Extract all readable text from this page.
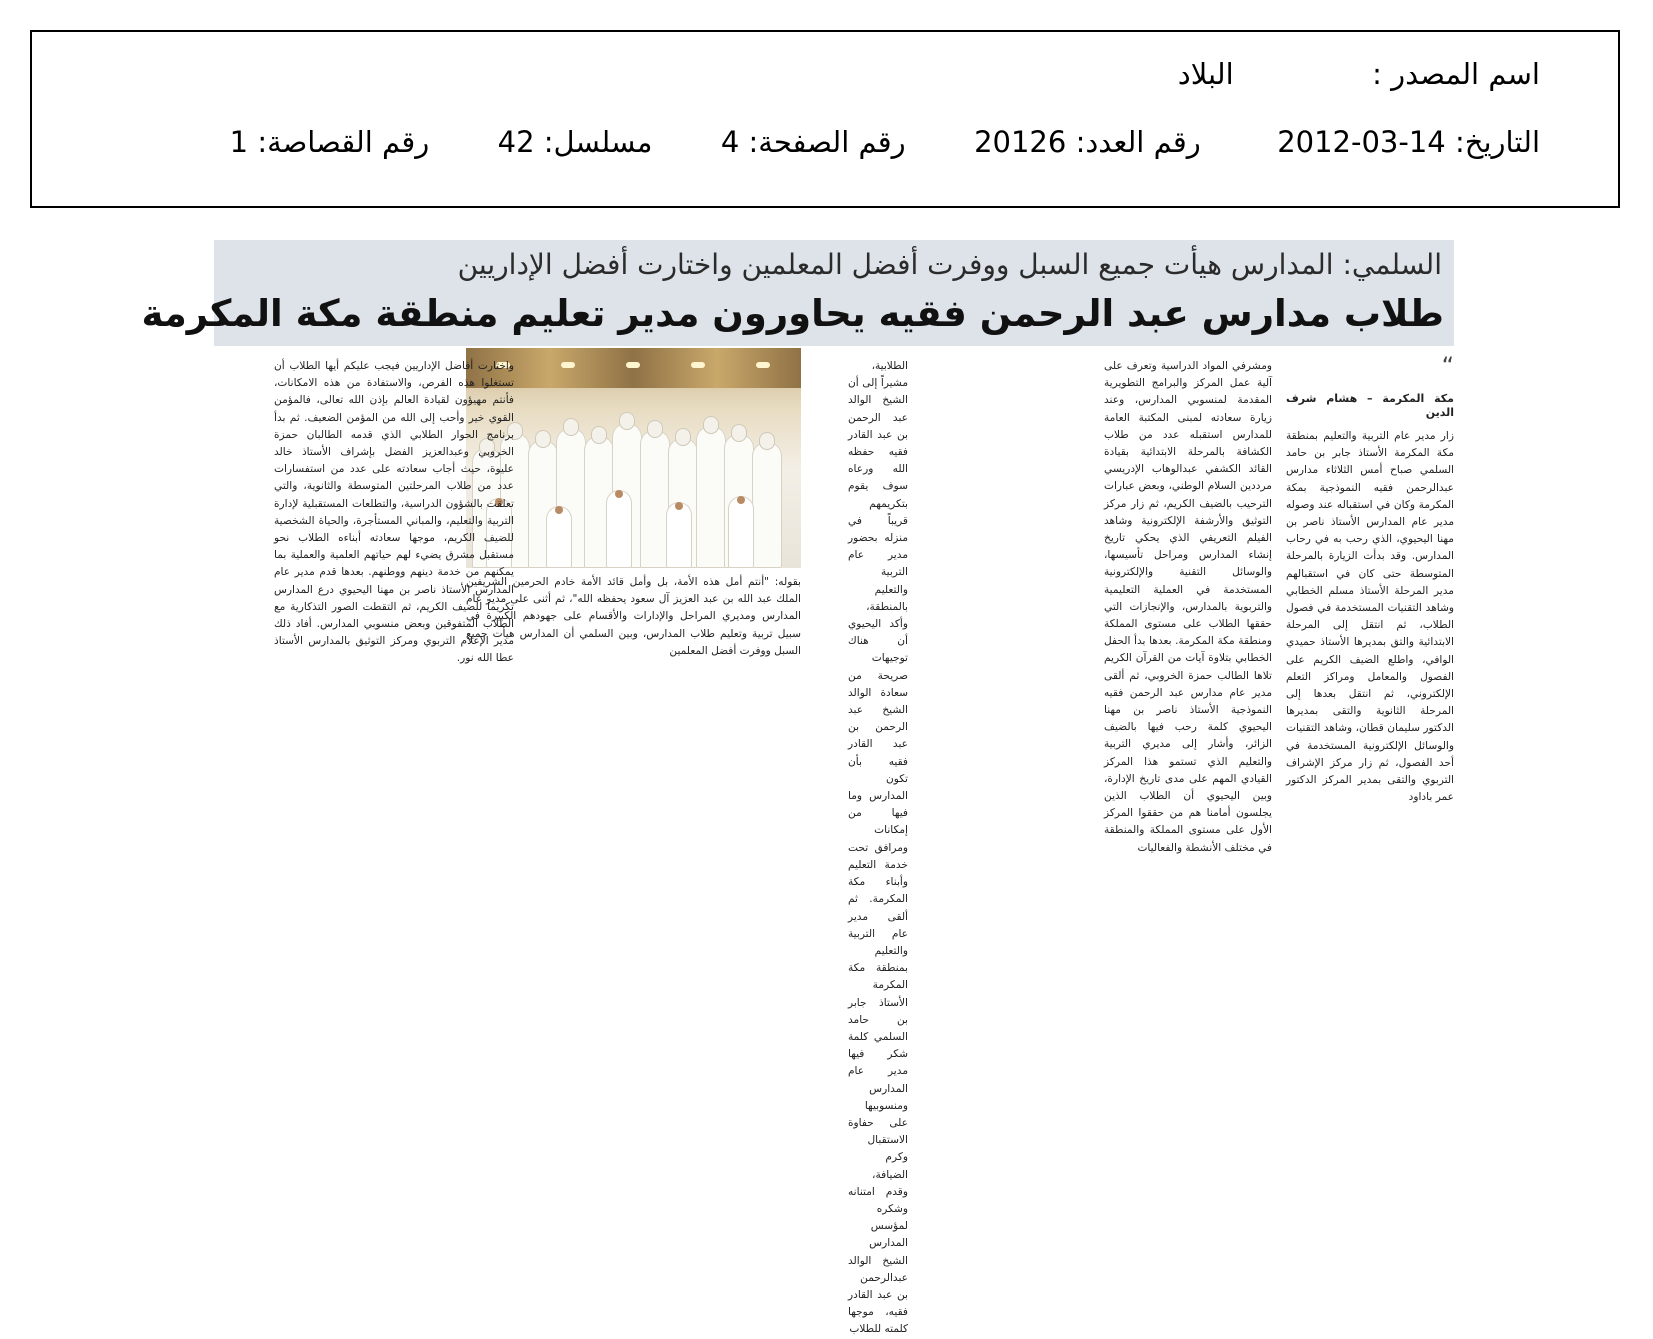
اسم المصدر :  البلاد
التاريخ: 2012-03-14  رقم العدد: 20126  رقم الصفحة: 4  مسلسل: 42  رقم القصاصة: 1
السلمي: المدارس هيأت جميع السبل ووفرت أفضل المعلمين واختارت أفضل الإداريين
طلاب مدارس عبد الرحمن فقيه يحاورون مدير تعليم منطقة مكة المكرمة
“
مكة المكرمة – هشام شرف الدين

زار مدير عام التربية والتعليم بمنطقة مكة المكرمة الأستاذ جابر بن حامد السلمي صباح أمس الثلاثاء مدارس عبدالرحمن فقيه النموذجية بمكة المكرمة وكان في استقباله عند وصوله مدير عام المدارس الأستاذ ناصر بن مهنا اليحيوي، الذي رحب به في رحاب المدارس. وقد بدأت الزيارة بالمرحلة المتوسطة حتى كان في استقبالهم مدير المرحلة الأستاذ مسلم الخطابي وشاهد التقنيات المستخدمة في فصول الطلاب، ثم انتقل إلى المرحلة الابتدائية والتق بمديرها الأستاذ حميدي الوافي، واطلع الضيف الكريم على الفصول والمعامل ومراكز التعلم الإلكتروني، ثم انتقل بعدها إلى المرحلة الثانوية والتقى بمديرها الدكتور سليمان قطان، وشاهد التقنيات والوسائل الإلكترونية المستخدمة في أحد الفصول، ثم زار مركز الإشراف التربوي والتقى بمدير المركز الدكتور عمر باداود

ومشرفي المواد الدراسية وتعرف على آلية عمل المركز والبرامج التطويرية المقدمة لمنسوبي المدارس، وعند زيارة سعادته لمبنى المكتبة العامة للمدارس استقبله عدد من طلاب الكشافة بالمرحلة الابتدائية بقيادة القائد الكشفي عبدالوهاب الإدريسي مرددين السلام الوطني، وبعض عبارات الترحيب بالضيف الكريم، ثم زار مركز التوثيق والأرشفة الإلكترونية وشاهد الفيلم التعريفي الذي يحكي تاريخ إنشاء المدارس ومراحل تأسيسها، والوسائل التقنية والإلكترونية المستخدمة في العملية التعليمية والتربوية بالمدارس، والإنجازات التي حققها الطلاب على مستوى المملكة ومنطقة مكة المكرمة. بعدها بدأ الحفل الخطابي بتلاوة آيات من القرآن الكريم تلاها الطالب حمزة الخروبي، ثم ألقى مدير عام مدارس عبد الرحمن فقيه النموذجية الأستاذ ناصر بن مهنا اليحيوي كلمة رحب فيها بالضيف الزائر، وأشار إلى مديري التربية والتعليم الذي تستمو هذا المركز القيادي المهم على مدى تاريخ الإدارة، وبين اليحيوي أن الطلاب الذين يجلسون أمامنا هم من حققوا المركز الأول على مستوى المملكة والمنطقة في مختلف الأنشطة والفعاليات

الطلابية، مشيراً إلى أن الشيخ الوالد عبد الرحمن بن عبد القادر فقيه حفظه الله ورعاه سوف يقوم بتكريمهم قريباً في منزله بحضور مدير عام التربية والتعليم بالمنطقة، وأكد اليحيوي أن هناك توجيهات صريحة من سعادة الوالد الشيخ عبد الرحمن بن عبد القادر فقيه بأن تكون المدارس وما فيها من إمكانات ومرافق تحت خدمة التعليم وأبناء مكة المكرمة. ثم ألقى مدير عام التربية والتعليم بمنطقة مكة المكرمة الأستاذ جابر بن حامد السلمي كلمة شكر فيها مدير عام المدارس ومنسوبيها على حفاوة الاستقبال وكرم الضيافة، وقدم امتنانه وشكره لمؤسس المدارس الشيخ الوالد عبدالرحمن بن عبد القادر فقيه، موجها كلمته للطلاب

بقوله: "أنتم أمل هذه الأمة، بل وأمل قائد الأمة خادم الحرمين الشريفين الملك عبد الله بن عبد العزيز آل سعود يحفظه الله"، ثم أثنى على مدير عام المدارس ومديري المراحل والإدارات والأقسام على جهودهم الكبيرة في سبيل تربية وتعليم طلاب المدارس، وبين السلمي أن المدارس هيأت جميع السبل ووفرت أفضل المعلمين

واختارت أفاضل الإداريين فيجب عليكم أيها الطلاب أن تستغلوا هذه الفرص، والاستفادة من هذه الامكانات، فأنتم مهيؤون لقيادة العالم بإذن الله تعالى، فالمؤمن القوي خير وأحب إلى الله من المؤمن الضعيف. ثم بدأ برنامج الحوار الطلابي الذي قدمه الطالبان حمزة الخروبي وعبدالعزيز الفضل بإشراف الأستاذ خالد عليوة، حيث أجاب سعادته على عدد من استفسارات عدد من طلاب المرحلتين المتوسطة والثانوية، والتي تعلقت بالشؤون الدراسية، والتطلعات المستقبلية لإدارة التربية والتعليم، والمباني المستأجرة، والحياة الشخصية للضيف الكريم، موجها سعادته أبناءه الطلاب نحو مستقبل مشرق يضيء لهم حياتهم العلمية والعملية بما يمكنهم من خدمة دينهم ووطنهم. بعدها قدم مدير عام المدارس الأستاذ ناصر بن مهنا اليحيوي درع المدارس تكريماً للضيف الكريم، ثم التقطت الصور التذكارية مع الطلاب المتفوقين وبعض منسوبي المدارس. أفاد ذلك مدير الإعلام التربوي ومركز التوثيق بالمدارس الأستاذ عطا الله نور.
